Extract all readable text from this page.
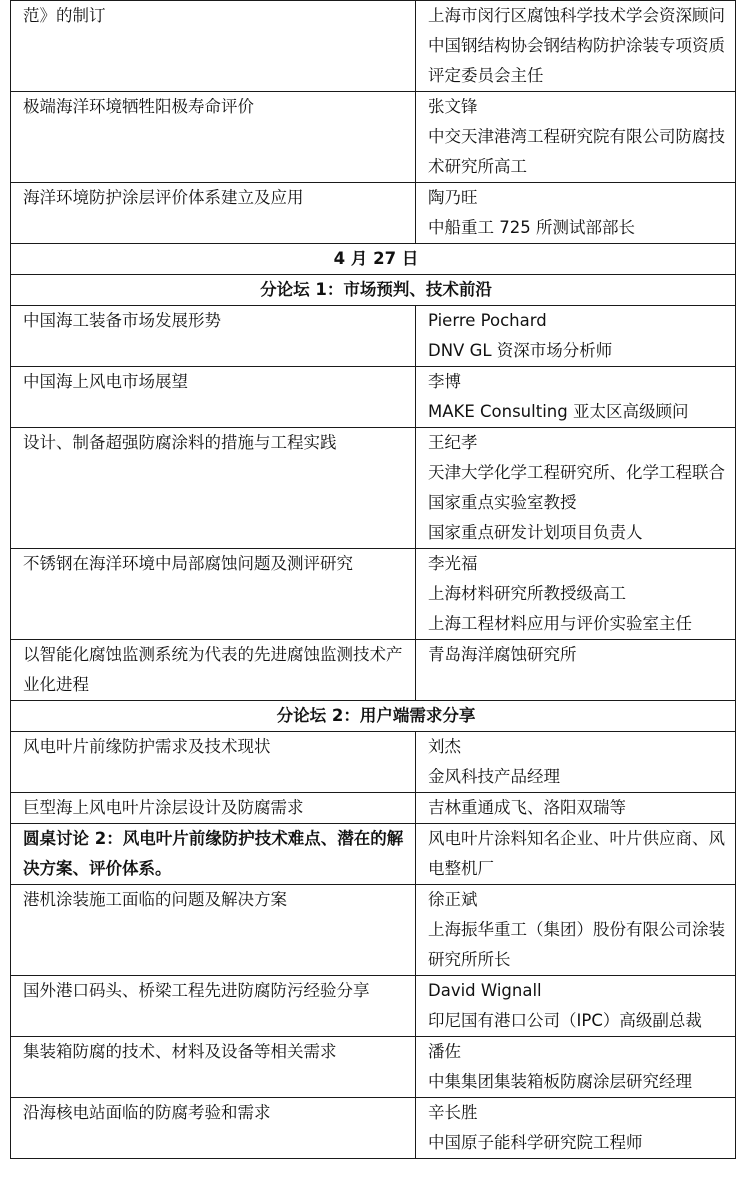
范》的制订	上海市闵行区腐蚀科学技术学会资深顾问
中国钢结构协会钢结构防护涂装专项资质评定委员会主任

极端海洋环境牺牲阳极寿命评价	张文锋
中交天津港湾工程研究院有限公司防腐技术研究所高工

海洋环境防护涂层评价体系建立及应用	陶乃旺
中船重工 725 所测试部部长

4 月 27 日	
分论坛 1：市场预判、技术前沿	
中国海工装备市场发展形势	Pierre Pochard
DNV GL 资深市场分析师

中国海上风电市场展望	李博
MAKE Consulting 亚太区高级顾问

设计、制备超强防腐涂料的措施与工程实践	王纪孝
天津大学化学工程研究所、化学工程联合国家重点实验室教授
国家重点研发计划项目负责人

不锈钢在海洋环境中局部腐蚀问题及测评研究	李光福
上海材料研究所教授级高工
上海工程材料应用与评价实验室主任

以智能化腐蚀监测系统为代表的先进腐蚀监测技术产业化进程	青岛海洋腐蚀研究所

分论坛 2：用户端需求分享	
风电叶片前缘防护需求及技术现状	刘杰
金风科技产品经理

巨型海上风电叶片涂层设计及防腐需求	吉林重通成飞、洛阳双瑞等

圆桌讨论 2：风电叶片前缘防护技术难点、潜在的解决方案、评价体系。	风电叶片涂料知名企业、叶片供应商、风电整机厂

港机涂装施工面临的问题及解决方案	徐正斌
上海振华重工（集团）股份有限公司涂装研究所所长

国外港口码头、桥梁工程先进防腐防污经验分享	David Wignall
印尼国有港口公司（IPC）高级副总裁

集装箱防腐的技术、材料及设备等相关需求	潘佐
中集集团集装箱板防腐涂层研究经理

沿海核电站面临的防腐考验和需求	辛长胜
中国原子能科学研究院工程师
